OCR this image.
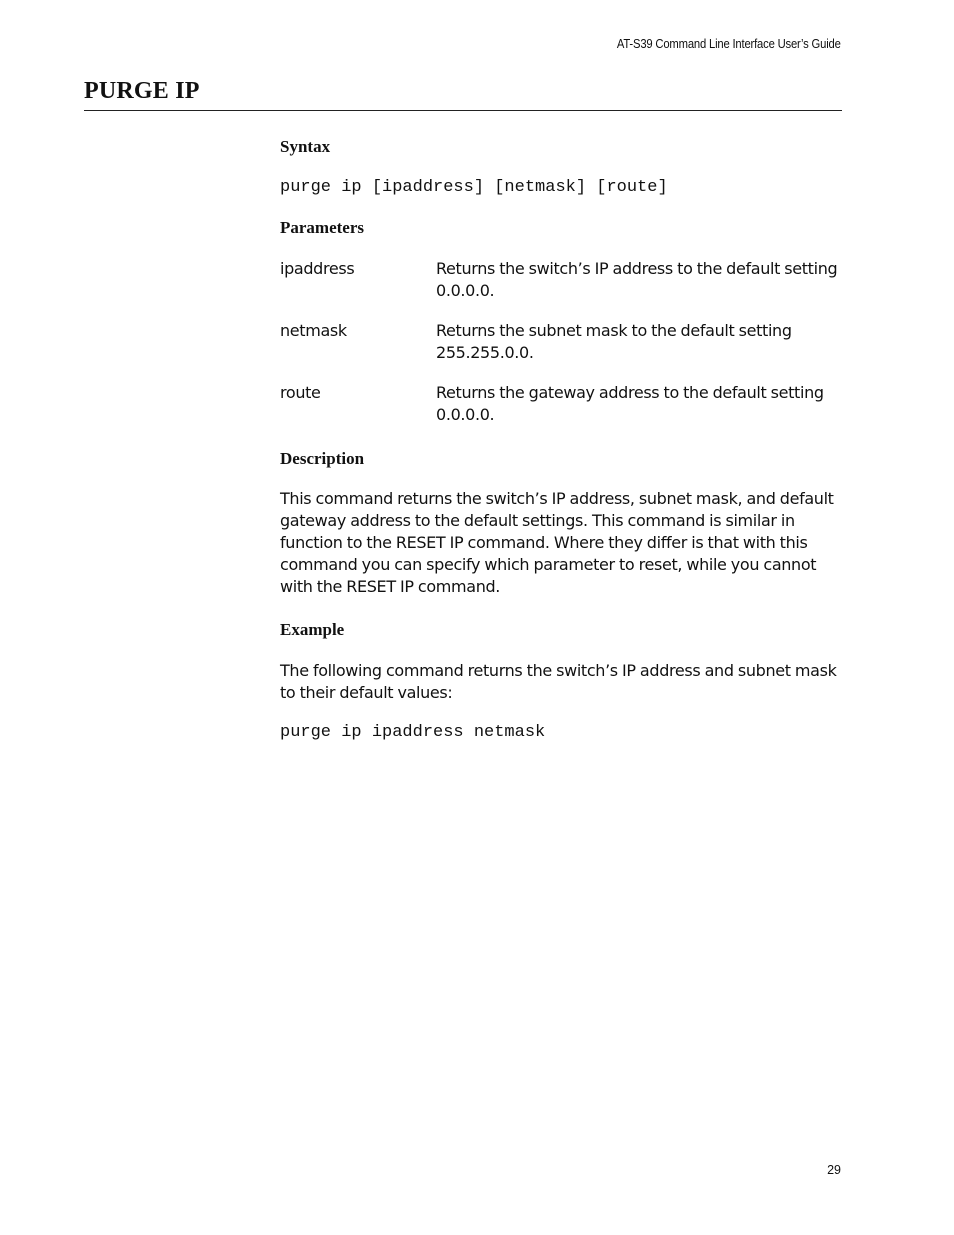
AT-S39 Command Line Interface User’s Guide
PURGE IP
Syntax
purge ip [ipaddress] [netmask] [route]
Parameters
ipaddress	Returns the switch’s IP address to the default setting 0.0.0.0.
netmask	Returns the subnet mask to the default setting 255.255.0.0.
route	Returns the gateway address to the default setting 0.0.0.0.
Description

This command returns the switch’s IP address, subnet mask, and default gateway address to the default settings. This command is similar in function to the RESET IP command. Where they differ is that with this command you can specify which parameter to reset, while you cannot with the RESET IP command.

Example

The following command returns the switch’s IP address and subnet mask to their default values:

purge ip ipaddress netmask
29
